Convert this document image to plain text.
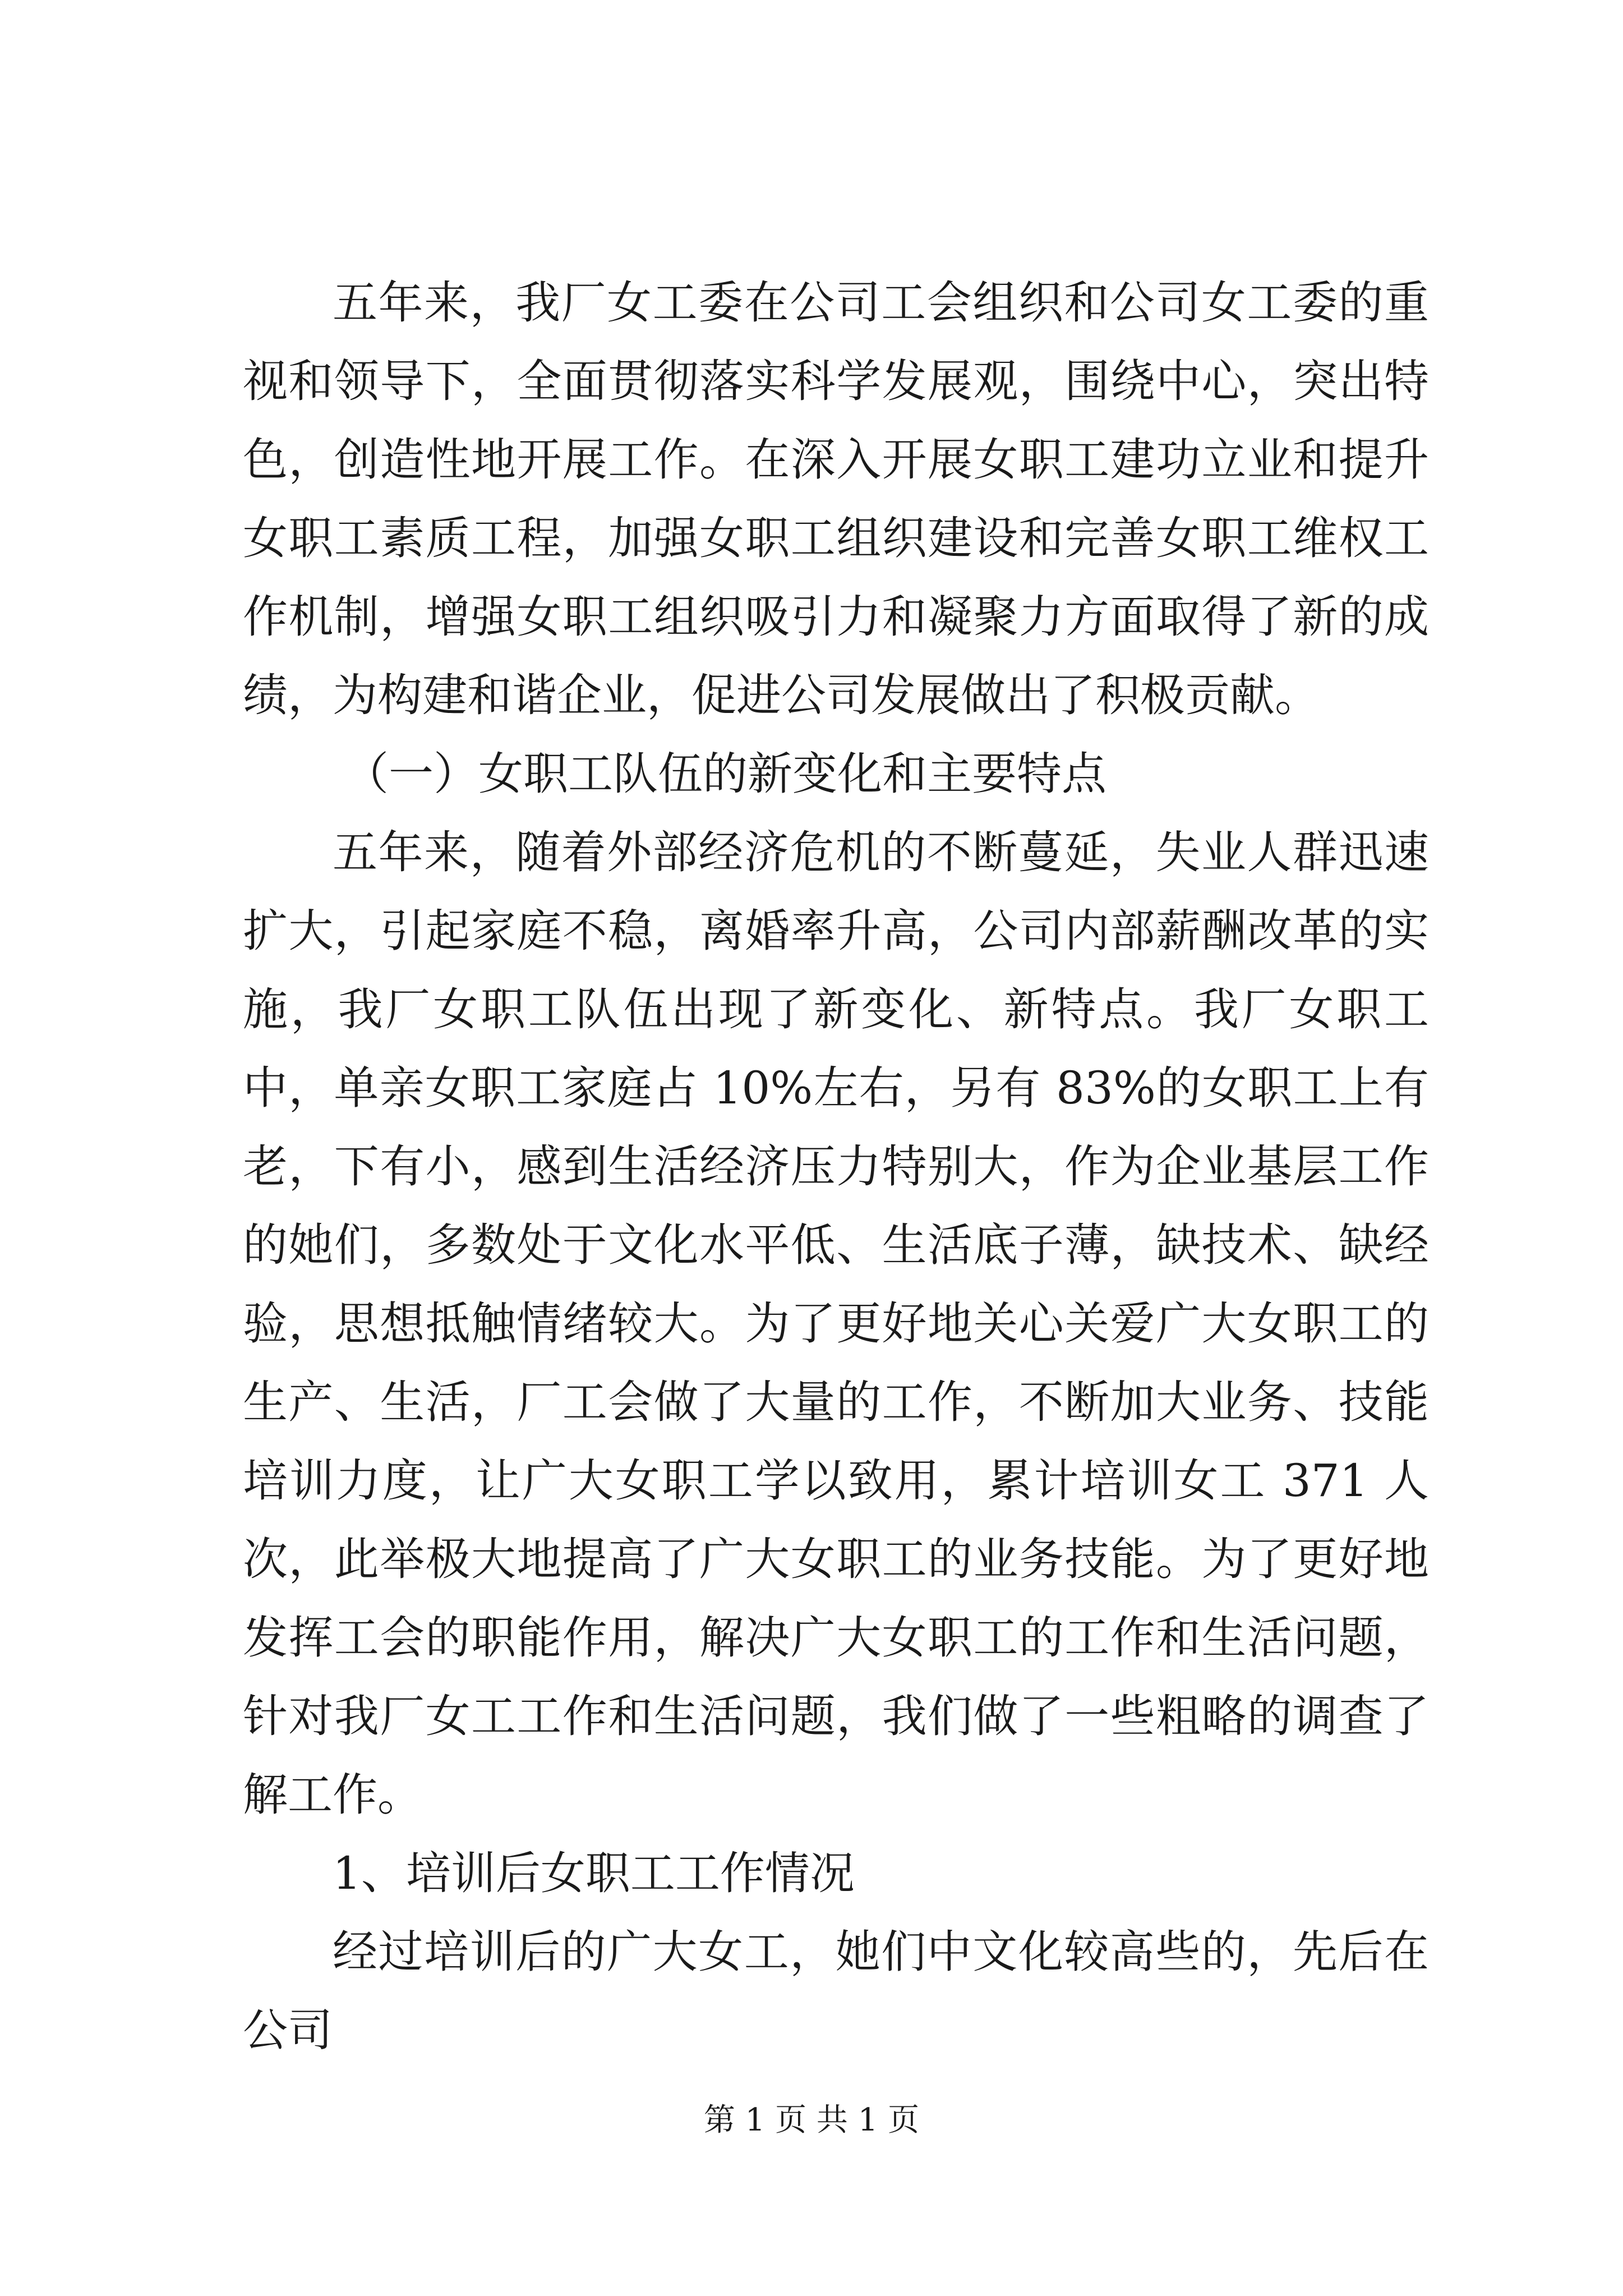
五年来，我厂女工委在公司工会组织和公司女工委的重视和领导下，全面贯彻落实科学发展观，围绕中心，突出特色，创造性地开展工作。在深入开展女职工建功立业和提升女职工素质工程，加强女职工组织建设和完善女职工维权工作机制，增强女职工组织吸引力和凝聚力方面取得了新的成绩，为构建和谐企业，促进公司发展做出了积极贡献。

（一）女职工队伍的新变化和主要特点

五年来，随着外部经济危机的不断蔓延，失业人群迅速扩大，引起家庭不稳，离婚率升高，公司内部薪酬改革的实施，我厂女职工队伍出现了新变化、新特点。我厂女职工中，单亲女职工家庭占 10%左右，另有 83%的女职工上有老，下有小，感到生活经济压力特别大，作为企业基层工作的她们，多数处于文化水平低、生活底子薄，缺技术、缺经验，思想抵触情绪较大。为了更好地关心关爱广大女职工的生产、生活，厂工会做了大量的工作，不断加大业务、技能培训力度，让广大女职工学以致用，累计培训女工 371 人次，此举极大地提高了广大女职工的业务技能。为了更好地发挥工会的职能作用，解决广大女职工的工作和生活问题，针对我厂女工工作和生活问题，我们做了一些粗略的调查了解工作。

1、培训后女职工工作情况

经过培训后的广大女工，她们中文化较高些的，先后在公司

第 1 页 共 1 页
